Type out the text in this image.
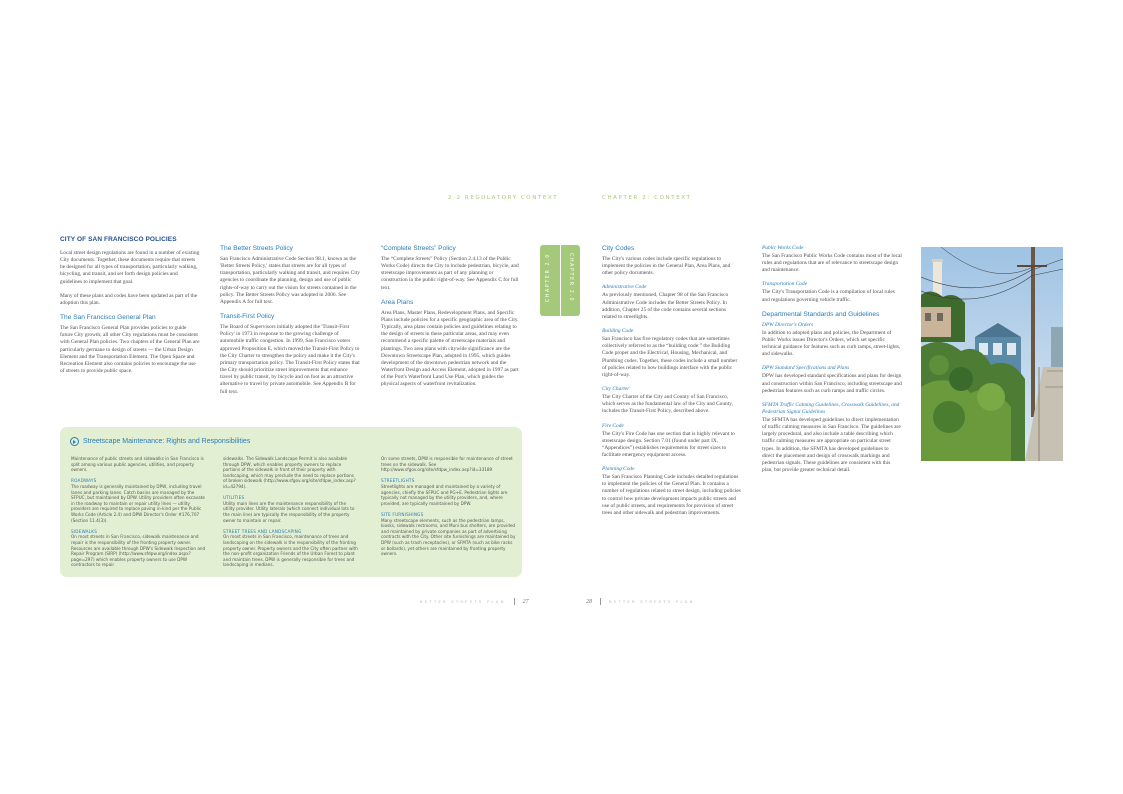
2.2 REGULATORY CONTEXT	CHAPTER 2: CONTEXT
CITY OF SAN FRANCISCO POLICIES

Local street design regulations are found in a number of existing City documents. Together, these documents require that streets be designed for all types of transportation, particularly walking, bicycling, and transit, and set forth design policies and guidelines to implement that goal.

Many of these plans and codes have been updated as part of the adoption this plan.

The San Francisco General Plan

The San Francisco General Plan provides policies to guide future City growth; all other City regulations must be consistent with General Plan policies. Two chapters of the General Plan are particularly germane to design of streets — the Urban Design Element and the Transportation Element. The Open Space and Recreation Element also contains policies to encourage the use of streets to provide public space.

The Better Streets Policy

San Francisco Administrative Code Section 98.1, known as the 'Better Streets Policy,' states that streets are for all types of transportation, particularly walking and transit, and requires City agencies to coordinate the planning, design and use of public rights-of-way to carry out the vision for streets contained in the policy. The Better Streets Policy was adopted in 2006. See Appendix A for full text.

Transit-First Policy

The Board of Supervisors initially adopted the 'Transit-First Policy' in 1973 in response to the growing challenge of automobile traffic congestion. In 1999, San Francisco voters approved Proposition E, which moved the Transit-First Policy to the City Charter to strengthen the policy and make it the City's primary transportation policy. The Transit-First Policy states that the City should prioritize street improvements that enhance travel by public transit, by bicycle and on foot as an attractive alternative to travel by private automobile. See Appendix B for full text.

“Complete Streets” Policy

The “Complete Streets” Policy (Section 2.4.13 of the Public Works Code) directs the City to include pedestrian, bicycle, and streetscape improvements as part of any planning or construction in the public right-of-way. See Appendix C for full text.

Area Plans

Area Plans, Master Plans, Redevelopment Plans, and Specific Plans include policies for a specific geographic area of the City. Typically, area plans contain policies and guidelines relating to the design of streets in these particular areas, and may even recommend a specific palette of streetscape materials and plantings. Two area plans with citywide significance are the Downtown Streetscape Plan, adopted in 1995, which guides development of the downtown pedestrian network and the Waterfront Design and Access Element, adopted in 1997 as part of the Port's Waterfront Land Use Plan, which guides the physical aspects of waterfront revitalization.

Streetscape Maintenance: Rights and Responsibilities

Maintenance of public streets and sidewalks in San Francisco is split among various public agencies, utilities, and property owners.

ROADWAYS
The roadway is generally maintained by DPW, including travel lanes and parking lanes. Catch basins are managed by the SFPUC, but maintained by DPW. Utility providers often excavate in the roadway to maintain or repair utility lines — utility providers are required to replace paving in-kind per the Public Works Code (Article 2.4) and DPW Director's Order #176,707 (Section 11.4(3)).

SIDEWALKS
On most streets in San Francisco, sidewalk maintenance and repair is the responsibility of the fronting property owner. Resources are available through DPW's Sidewalk Inspection and Repair Program (SIRP) (http://www.sfdpw.org/index.aspx?page=297) which enables property owners to use DPW contractors to repair

sidewalks. The Sidewalk Landscape Permit is also available through DPW, which enables property owners to replace portions of the sidewalk in front of their property with landscaping, which may preclude the need to replace portions of broken sidewalk (http://www.sfgov.org/site/sfdpw_index.asp?id=42794).

UTILITIES
Utility main lines are the maintenance responsibility of the utility provider. Utility laterals (which connect individual lots to the main line) are typically the responsibility of the property owner to maintain or repair.

STREET TREES AND LANDSCAPING
On most streets in San Francisco, maintenance of trees and landscaping on the sidewalk is the responsibility of the fronting property owner. Property owners and the City often partner with the non-profit organization Friends of the Urban Forest to plant and maintain trees. DPW is generally responsible for trees and landscaping in medians.

On some streets, DPW is responsible for maintenance of street trees on the sidewalk. See http://www.sfgov.org/site/sfdpw_index.asp?id=33189

STREETLIGHTS
Streetlights are managed and maintained by a variety of agencies, chiefly the SFPUC and PG+E. Pedestrian lights are typically not managed by the utility providers, and, where provided, are typically maintained by DPW.

SITE FURNISHINGS
Many streetscape elements, such as the pedestrian lamps, kiosks, sidewalk restrooms, and Muni bus shelters, are provided and maintained by private companies as part of advertising contracts with the City. Other site furnishings are maintained by DPW (such as trash receptacles), or SFMTA (such as bike racks or bollards), yet others are maintained by fronting property owners.

CHAPTER 2.0	CHAPTER 2.0
City Codes

The City's various codes include specific regulations to implement the policies in the General Plan, Area Plans, and other policy documents.

Administrative Code

As previously mentioned, Chapter 98 of the San Francisco Administrative Code includes the Better Streets Policy. In addition, Chapter 25 of the code contains several sections related to streetlights.

Building Code

San Francisco has five regulatory codes that are sometimes collectively referred to as the “building code:” the Building Code proper and the Electrical, Housing, Mechanical, and Plumbing codes. Together, these codes include a small number of policies related to how buildings interface with the public right-of-way.

City Charter

The City Charter of the City and County of San Francisco, which serves as the fundamental law of the City and County, includes the Transit-First Policy, described above.

Fire Code

The City's Fire Code has one section that is highly relevant to streetscape design. Section 7.01 (found under part IX, “Appendices”) establishes requirements for street sizes to facilitate emergency equipment access.

Planning Code

The San Francisco Planning Code includes detailed regulations to implement the policies of the General Plan. It contains a number of regulations related to street design, including policies to control how private development impacts public streets and use of public streets, and requirements for provision of street trees and other sidewalk and pedestrian improvements.

Public Works Code

The San Francisco Public Works Code contains most of the local rules and regulations that are of relevance to streetscape design and maintenance.

Transportation Code

The City's Transportation Code is a compilation of local rules and regulations governing vehicle traffic.

Departmental Standards and Guidelines
DPW Director's Orders

In addition to adopted plans and policies, the Department of Public Works issues Director's Orders, which set specific technical guidance for features such as curb ramps, street-lights, and sidewalks.

DPW Standard Specifications and Plans

DPW has developed standard specifications and plans for design and construction within San Francisco, including streetscape and pedestrian features such as curb ramps and traffic circles.

SFMTA Traffic Calming Guidelines, Crosswalk Guidelines, and Pedestrian Signal Guidelines

The SFMTA has developed guidelines to direct implementation of traffic calming measures in San Francisco. The guidelines are largely procedural, and also include a table describing which traffic calming measures are appropriate on particular street types. In addition, the SFMTA has developed guidelines to direct the placement and design of crosswalk markings and pedestrian signals. These guidelines are consistent with this plan, but provide greater technical detail.

BETTER STREETS PLAN	27	28	BETTER STREETS PLAN
